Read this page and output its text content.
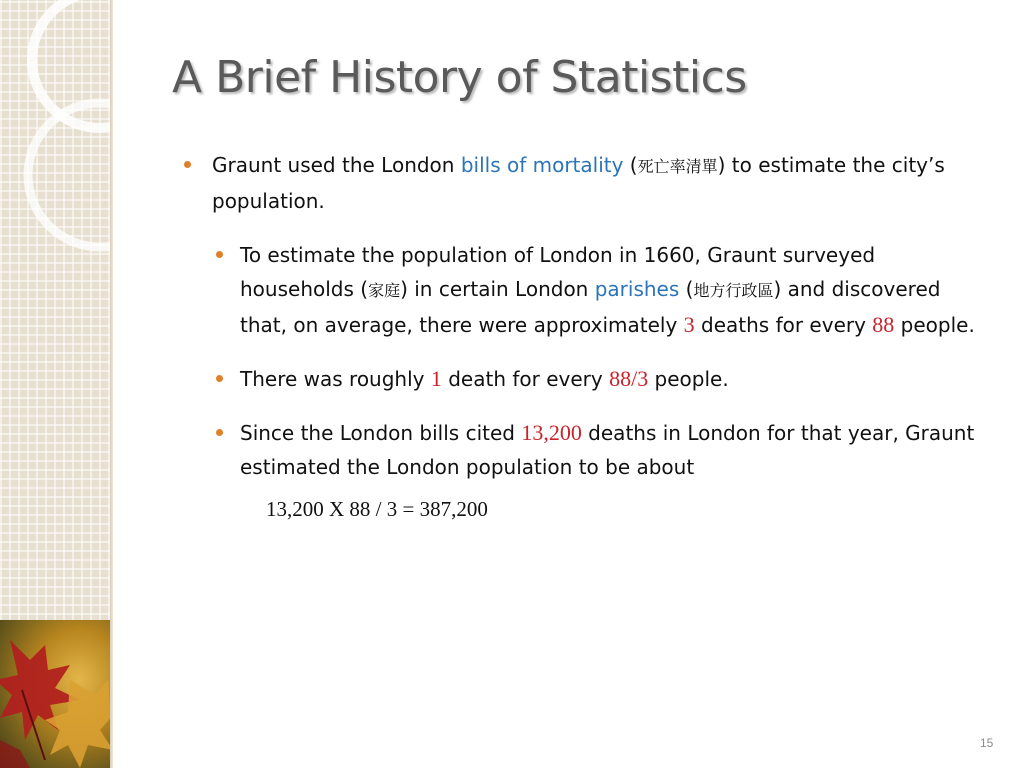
A Brief History of Statistics

Graunt used the London bills of mortality (死亡率清單) to estimate the city’s population.

To estimate the population of London in 1660, Graunt surveyed households (家庭) in certain London parishes (地方行政區) and discovered that, on average, there were approximately 3 deaths for every 88 people.

There was roughly 1 death for every 88/3 people.

Since the London bills cited 13,200 deaths in London for that year, Graunt estimated the London population to be about

13,200 X 88 / 3 = 387,200
15
